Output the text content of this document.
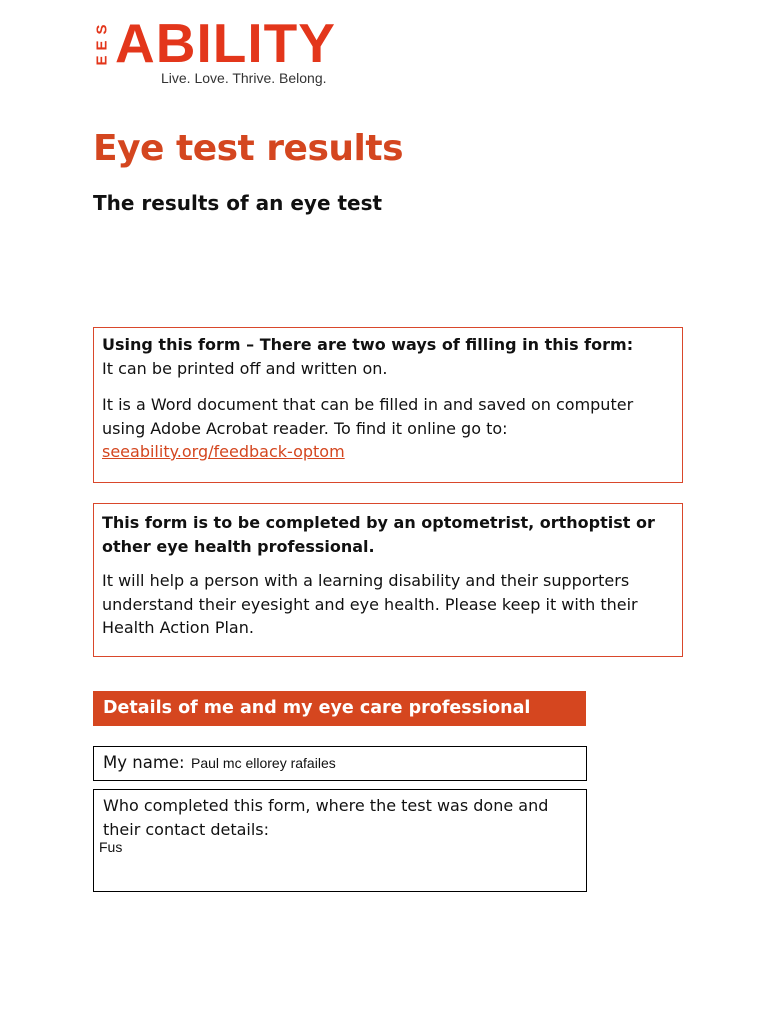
S
E
E ABILITY
Live. Love. Thrive. Belong.
Eye test results
The results of an eye test

Using this form – There are two ways of filling in this form:

It can be printed off and written on.

It is a Word document that can be filled in and saved on computer using Adobe Acrobat reader. To find it online go to:

seeability.org/feedback-optom

This form is to be completed by an optometrist, orthoptist or other eye health professional.

It will help a person with a learning disability and their supporters understand their eyesight and eye health. Please keep it with their Health Action Plan.

Details of me and my eye care professional
My name: Paul mc ellorey rafailes
Who completed this form, where the test was done and their contact details:
Fus
